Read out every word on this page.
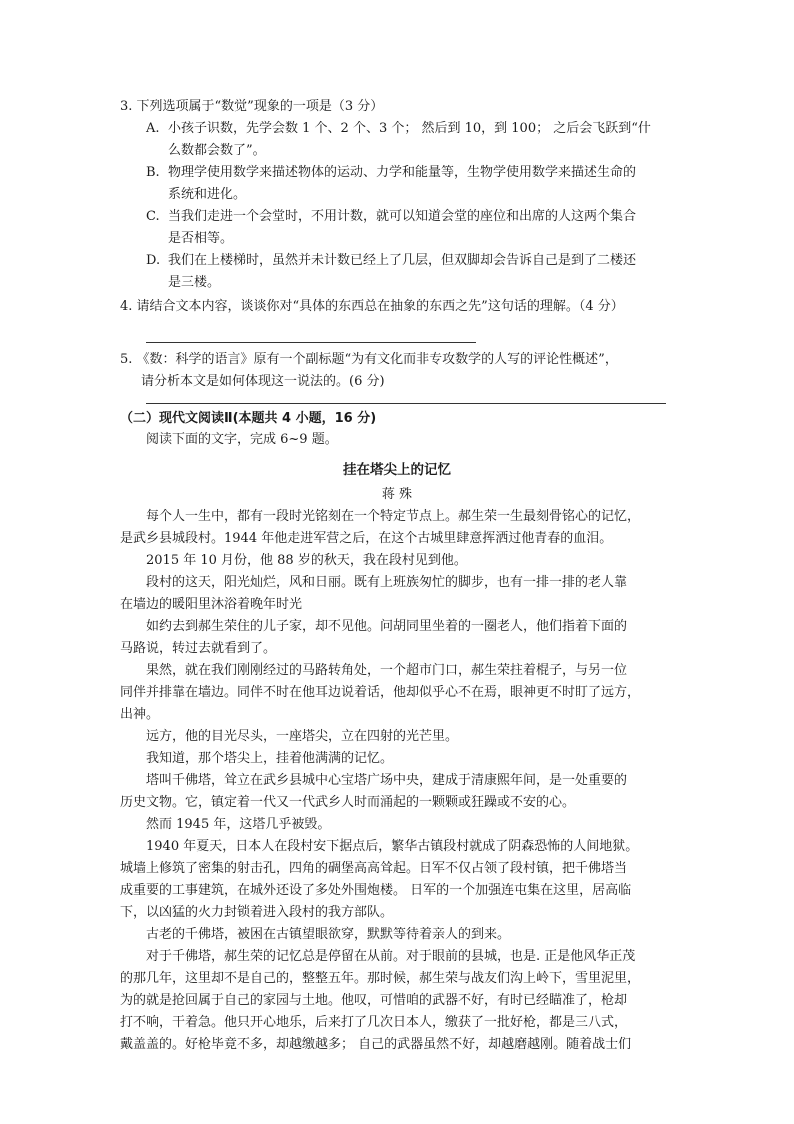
3. 下列选项属于“数觉”现象的一项是（3 分）
A. 小孩子识数，先学会数 1 个、2 个、3 个； 然后到 10，到 100； 之后会飞跃到“什
么数都会数了”。
B. 物理学使用数学来描述物体的运动、力学和能量等，生物学使用数学来描述生命的
系统和进化。
C. 当我们走进一个会堂时，不用计数，就可以知道会堂的座位和出席的人这两个集合
是否相等。
D. 我们在上楼梯时，虽然并未计数已经上了几层，但双脚却会告诉自己是到了二楼还
是三楼。
4. 请结合文本内容，谈谈你对“具体的东西总在抽象的东西之先”这句话的理解。（4 分）
5. 《数：科学的语言》原有一个副标题“为有文化而非专攻数学的人写的评论性概述”，
请分析本文是如何体现这一说法的。(6 分)
（二）现代文阅读Ⅱ(本题共 4 小题，16 分)
阅读下面的文字，完成 6~9 题。
挂在塔尖上的记忆
蒋 殊
每个人一生中，都有一段时光铭刻在一个特定节点上。郝生荣一生最刻骨铭心的记忆，
是武乡县城段村。1944 年他走进军营之后，在这个古城里肆意挥洒过他青春的血泪。
2015 年 10 月份，他 88 岁的秋天，我在段村见到他。
段村的这天，阳光灿烂，风和日丽。既有上班族匆忙的脚步，也有一排一排的老人靠
在墙边的暖阳里沐浴着晚年时光
如约去到郝生荣住的儿子家，却不见他。问胡同里坐着的一圈老人，他们指着下面的
马路说，转过去就看到了。
果然，就在我们刚刚经过的马路转角处，一个超市门口，郝生荣拄着棍子，与另一位
同伴并排靠在墙边。同伴不时在他耳边说着话，他却似乎心不在焉，眼神更不时盯了远方，
出神。
远方，他的目光尽头，一座塔尖，立在四射的光芒里。
我知道，那个塔尖上，挂着他满满的记忆。
塔叫千佛塔，耸立在武乡县城中心宝塔广场中央，建成于清康熙年间，是一处重要的
历史文物。它，镇定着一代又一代武乡人时而涌起的一颗颗或狂躁或不安的心。
然而 1945 年，这塔几乎被毁。
1940 年夏天，日本人在段村安下据点后，繁华古镇段村就成了阴森恐怖的人间地狱。
城墙上修筑了密集的射击孔，四角的碉堡高高耸起。日军不仅占领了段村镇，把千佛塔当
成重要的工事建筑，在城外还设了多处外围炮楼。 日军的一个加强连屯集在这里，居高临
下，以凶猛的火力封锁着进入段村的我方部队。
古老的千佛塔，被困在古镇望眼欲穿，默默等待着亲人的到来。
对于千佛塔，郝生荣的记忆总是停留在从前。对于眼前的县城，也是. 正是他风华正茂
的那几年，这里却不是自己的，整整五年。那时候，郝生荣与战友们沟上岭下，雪里泥里，
为的就是抢回属于自己的家园与土地。他叹，可惜咱的武器不好，有时已经瞄准了，枪却
打不响，干着急。他只开心地乐，后来打了几次日本人，缴获了一批好枪，都是三八式，
戴盖盖的。好枪毕竟不多，却越缴越多； 自己的武器虽然不好，却越磨越刚。随着战士们
